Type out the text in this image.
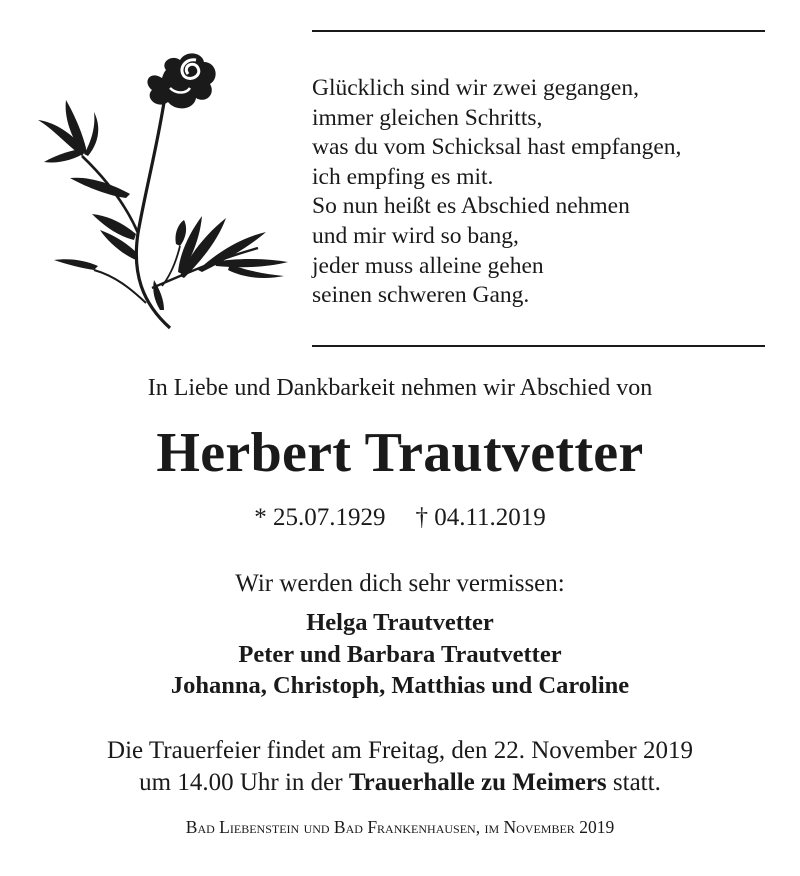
Glücklich sind wir zwei gegangen,
immer gleichen Schritts,
was du vom Schicksal hast empfangen,
ich empfing es mit.
So nun heißt es Abschied nehmen
und mir wird so bang,
jeder muss alleine gehen
seinen schweren Gang.
In Liebe und Dankbarkeit nehmen wir Abschied von
Herbert Trautvetter
* 25.07.1929 † 04.11.2019
Wir werden dich sehr vermissen:
Helga Trautvetter
Peter und Barbara Trautvetter
Johanna, Christoph, Matthias und Caroline
Die Trauerfeier findet am Freitag, den 22. November 2019
um 14.00 Uhr in der Trauerhalle zu Meimers statt.
Bad Liebenstein und Bad Frankenhausen, im November 2019
